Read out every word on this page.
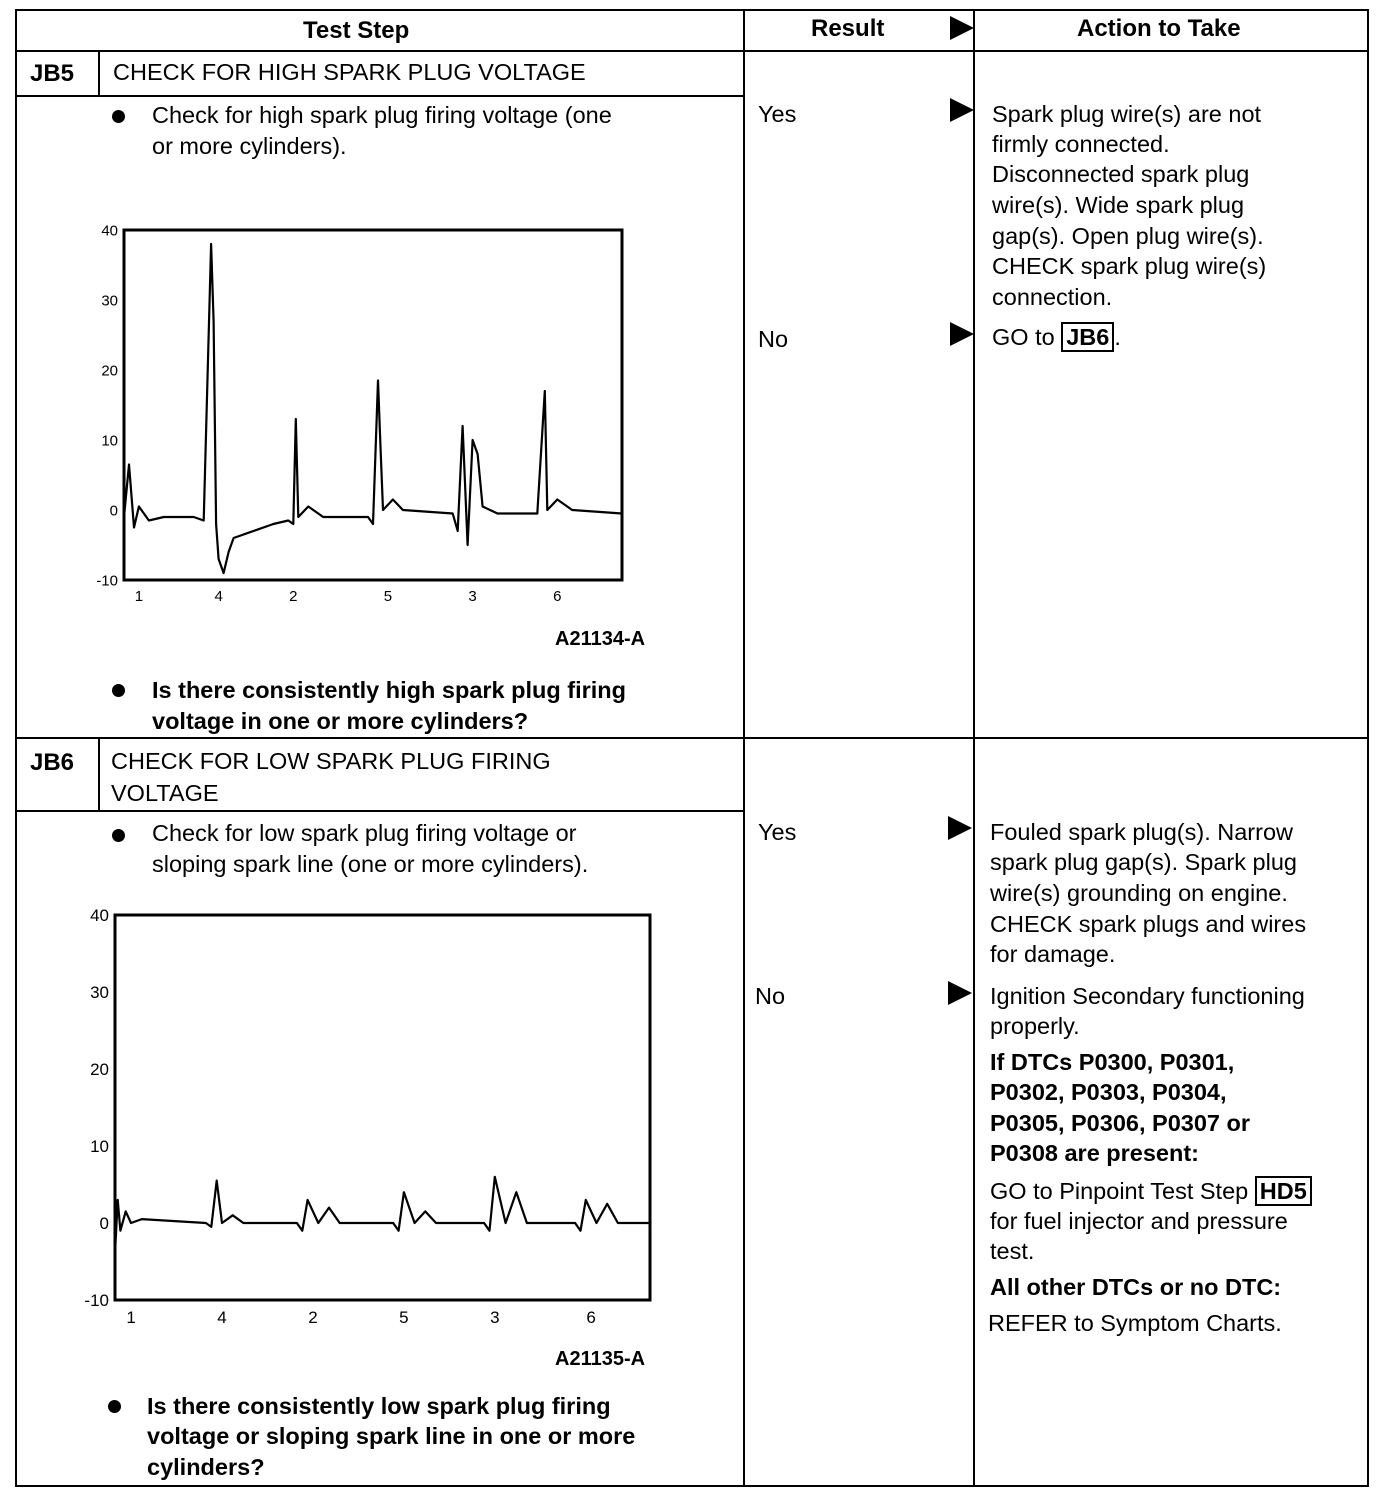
Test Step	Result	Action to Take
JB5 CHECK FOR HIGH SPARK PLUG VOLTAGE
Check for high spark plug firing voltage (one
or more cylinders).
40
30
20
10
0
-10
1	4	2	5	3	6
A21134-A
Is there consistently high spark plug firing
voltage in one or more cylinders?
Yes	Spark plug wire(s) are not
firmly connected.
Disconnected spark plug
wire(s). Wide spark plug
gap(s). Open plug wire(s).
CHECK spark plug wire(s)
connection.
No	GO to JB6 .
JB6 CHECK FOR LOW SPARK PLUG FIRING
VOLTAGE
Check for low spark plug firing voltage or
sloping spark line (one or more cylinders).
40
30
20
10
0
-10
1	4	2	5	3	6
A21135-A
Is there consistently low spark plug firing
voltage or sloping spark line in one or more
cylinders?
Yes	Fouled spark plug(s). Narrow
spark plug gap(s). Spark plug
wire(s) grounding on engine.
CHECK spark plugs and wires
for damage.
No	Ignition Secondary functioning
properly.
If DTCs P0300, P0301,
P0302, P0303, P0304,
P0305, P0306, P0307 or
P0308 are present:
GO to Pinpoint Test Step HD5
for fuel injector and pressure
test.
All other DTCs or no DTC:
REFER to Symptom Charts.
